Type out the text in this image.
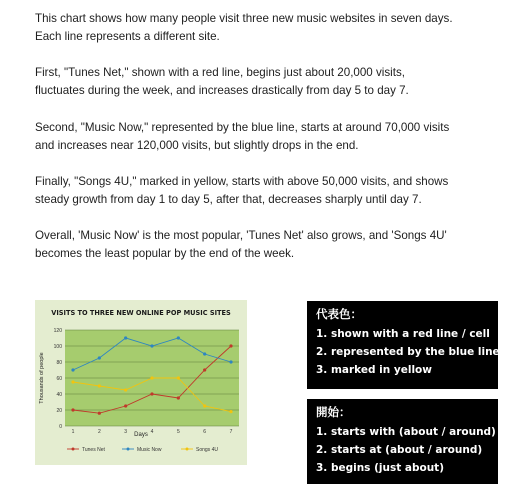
This chart shows how many people visit three new music websites in seven days.
Each line represents a different site.

First, "Tunes Net," shown with a red line, begins just about 20,000 visits,
fluctuates during the week, and increases drastically from day 5 to day 7.

Second, "Music Now," represented by the blue line, starts at around 70,000 visits
and increases near 120,000 visits, but slightly drops in the end.

Finally, "Songs 4U," marked in yellow, starts with above 50,000 visits, and shows
steady growth from day 1 to day 5, after that, decreases sharply until day 7.

Overall, 'Music Now' is the most popular, 'Tunes Net' also grows, and 'Songs 4U'
becomes the least popular by the end of the week.

VISITS TO THREE NEW ONLINE POP MUSIC SITES
0
20
40
60
80
100
120
1	2	3	4	5	6	7
Days
Thousands of people
Tunes Net	Music Now	Songs 4U
代表色：
1. shown with a red line / cell
2. represented by the blue line
3. marked in yellow
開始：
1. starts with (about / around)
2. starts at (about / around)
3. begins (just about)
